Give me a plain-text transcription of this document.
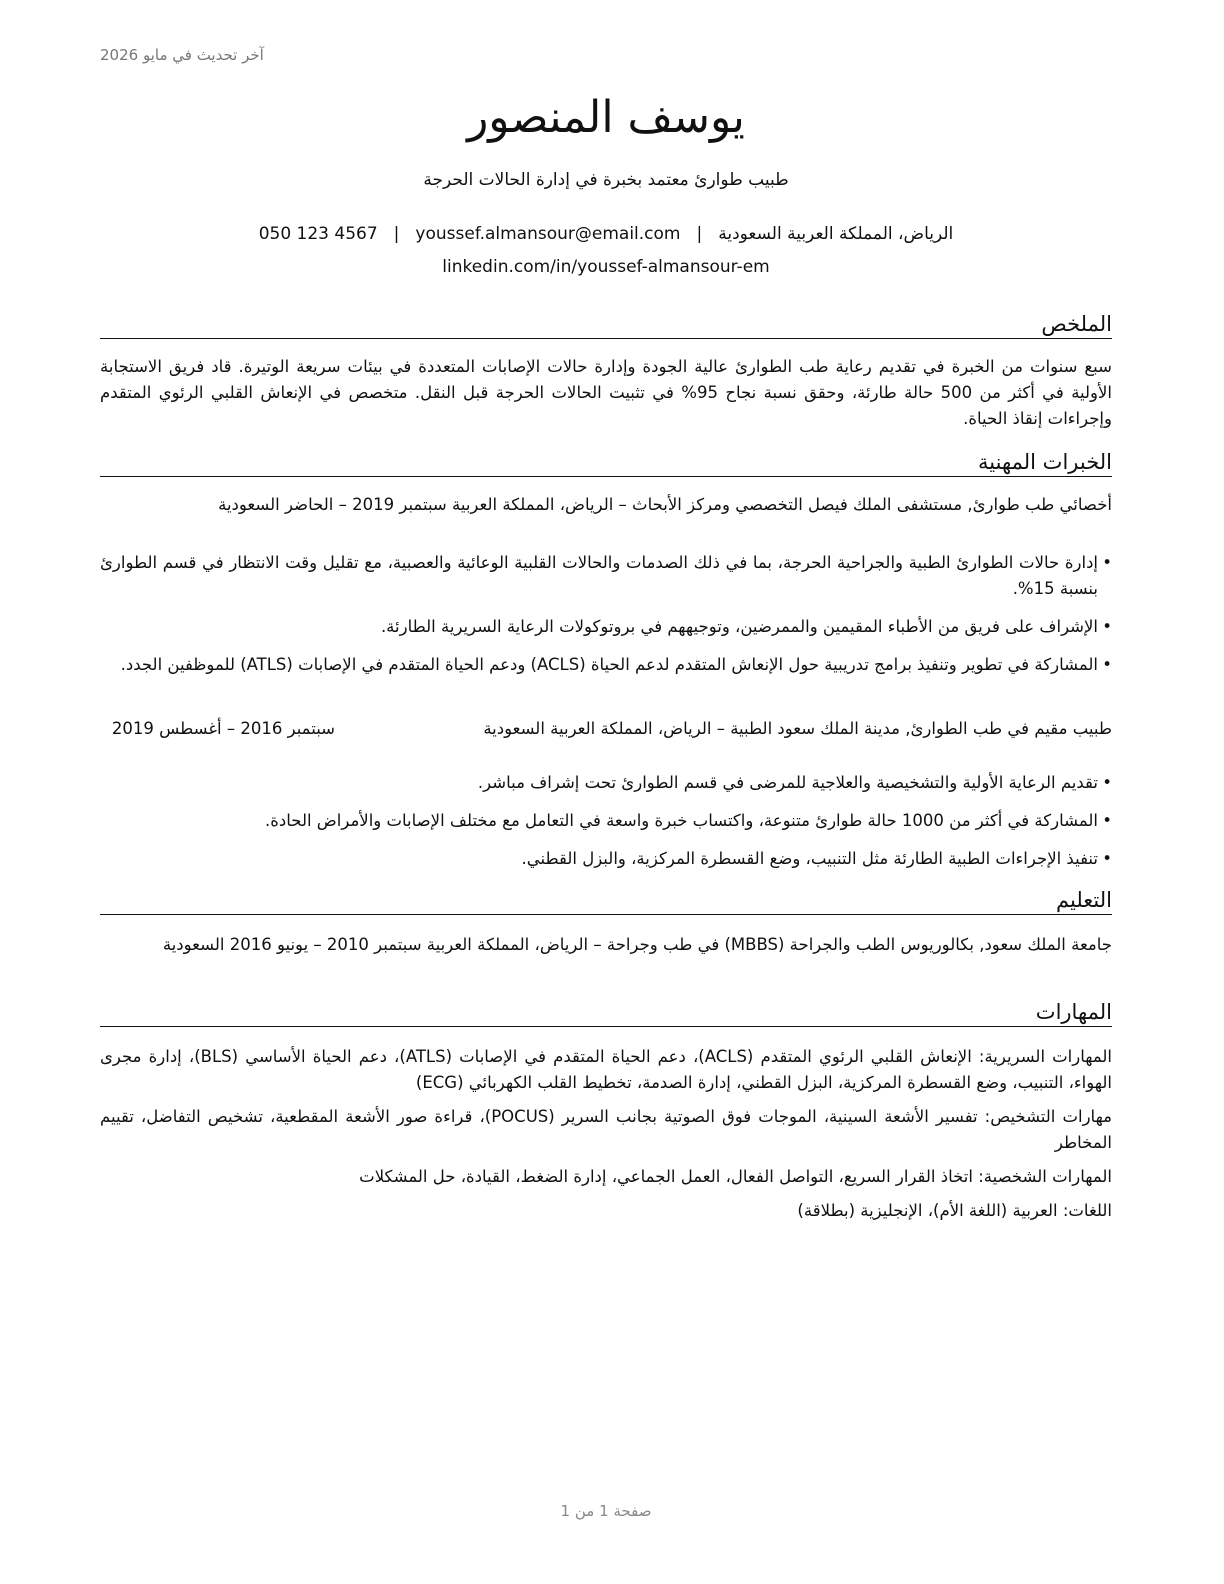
آخر تحديث في مايو 2026
يوسف المنصور
طبيب طوارئ معتمد بخبرة في إدارة الحالات الحرجة
الرياض، المملكة العربية السعودية|youssef.almansour@email.com|050 123 4567
linkedin.com/in/youssef-almansour-em
الملخص
سبع سنوات من الخبرة في تقديم رعاية طب الطوارئ عالية الجودة وإدارة حالات الإصابات المتعددة في بيئات سريعة الوتيرة. قاد فريق الاستجابة الأولية في أكثر من 500 حالة طارئة، وحقق نسبة نجاح 95% في تثبيت الحالات الحرجة قبل النقل. متخصص في الإنعاش القلبي الرئوي المتقدم وإجراءات إنقاذ الحياة.
الخبرات المهنية
أخصائي طب طوارئ, مستشفى الملك فيصل التخصصي ومركز الأبحاث – الرياض، المملكة العربية سبتمبر 2019 – الحاضر السعودية
• إدارة حالات الطوارئ الطبية والجراحية الحرجة، بما في ذلك الصدمات والحالات القلبية الوعائية والعصبية، مع تقليل وقت الانتظار في قسم الطوارئ بنسبة 15%.
• الإشراف على فريق من الأطباء المقيمين والممرضين، وتوجيههم في بروتوكولات الرعاية السريرية الطارئة.
• المشاركة في تطوير وتنفيذ برامج تدريبية حول الإنعاش المتقدم لدعم الحياة (ACLS) ودعم الحياة المتقدم في الإصابات (ATLS) للموظفين الجدد.
طبيب مقيم في طب الطوارئ, مدينة الملك سعود الطبية – الرياض، المملكة العربية السعودية
سبتمبر 2016 – أغسطس 2019
• تقديم الرعاية الأولية والتشخيصية والعلاجية للمرضى في قسم الطوارئ تحت إشراف مباشر.
• المشاركة في أكثر من 1000 حالة طوارئ متنوعة، واكتساب خبرة واسعة في التعامل مع مختلف الإصابات والأمراض الحادة.
• تنفيذ الإجراءات الطبية الطارئة مثل التنبيب، وضع القسطرة المركزية، والبزل القطني.
التعليم
جامعة الملك سعود, بكالوريوس الطب والجراحة (MBBS) في طب وجراحة – الرياض، المملكة العربية سبتمبر 2010 – يونيو 2016 السعودية
المهارات
المهارات السريرية: الإنعاش القلبي الرئوي المتقدم (ACLS)، دعم الحياة المتقدم في الإصابات (ATLS)، دعم الحياة الأساسي (BLS)، إدارة مجرى الهواء، التنبيب، وضع القسطرة المركزية، البزل القطني، إدارة الصدمة، تخطيط القلب الكهربائي (ECG)
مهارات التشخيص: تفسير الأشعة السينية، الموجات فوق الصوتية بجانب السرير (POCUS)، قراءة صور الأشعة المقطعية، تشخيص التفاضل، تقييم المخاطر
المهارات الشخصية: اتخاذ القرار السريع، التواصل الفعال، العمل الجماعي، إدارة الضغط، القيادة، حل المشكلات
اللغات: العربية (اللغة الأم)، الإنجليزية (بطلاقة)
صفحة 1 من 1
